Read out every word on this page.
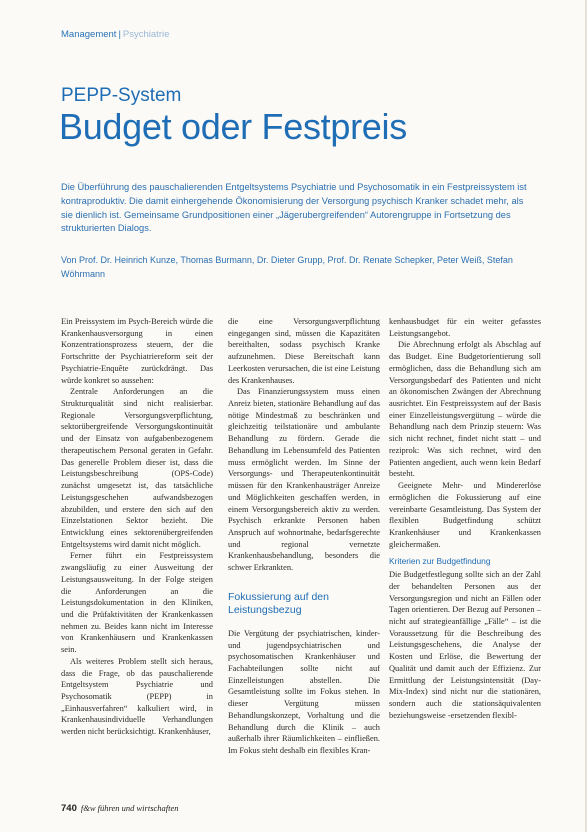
Management | Psychiatrie
PEPP-System
Budget oder Festpreis
Die Überführung des pauschalierenden Entgeltsystems Psychiatrie und Psychosomatik in ein Festpreissystem ist kontraproduktiv. Die damit einhergehende Ökonomisierung der Versorgung psychisch Kranker schadet mehr, als sie dienlich ist. Gemeinsame Grundpositionen einer „Jägerubergreifenden“ Autorengruppe in Fortsetzung des strukturierten Dialogs.
Von Prof. Dr. Heinrich Kunze, Thomas Burmann, Dr. Dieter Grupp, Prof. Dr. Renate Schepker, Peter Weiß, Stefan Wöhrmann

Ein Preissystem im Psych-Bereich würde die Krankenhausversorgung in einen Konzentrationsprozess steuern, der die Fortschritte der Psychiatriereform seit der Psychiatrie-Enquête zurückdrängt. Das würde konkret so aussehen:

Zentrale Anforderungen an die Strukturqualität sind nicht realisierbar. Regionale Versorgungsverpflichtung, sektorübergreifende Versorgungskontinuität und der Einsatz von aufgabenbezogenem therapeutischem Personal geraten in Gefahr. Das generelle Problem dieser ist, dass die Leistungsbeschreibung (OPS-Code) zunächst umgesetzt ist, das tatsächliche Leistungsgeschehen aufwandsbezogen abzubilden, und erstere den sich auf den Einzelstationen Sektor bezieht. Die Entwicklung eines sektorenübergreifenden Entgeltsystems wird damit nicht möglich.

Ferner führt ein Festpreissystem zwangsläufig zu einer Ausweitung der Leistungsausweitung. In der Folge steigen die Anforderungen an die Leistungsdokumentation in den Kliniken, und die Prüfaktivitäten der Krankenkassen nehmen zu. Beides kann nicht im Interesse von Krankenhäusern und Krankenkassen sein.

Als weiteres Problem stellt sich heraus, dass die Frage, ob das pauschalierende Entgeltsystem Psychiatrie und Psychosomatik (PEPP) in „Einhausverfahren“ kalkuliert wird, in Krankenhausindividuelle Verhandlungen werden nicht berücksichtigt. Krankenhäuser,

die eine Versorgungsverpflichtung eingegangen sind, müssen die Kapazitäten bereithalten, sodass psychisch Kranke aufzunehmen. Diese Bereitschaft kann Leerkosten verursachen, die ist eine Leistung des Krankenhauses.

Das Finanzierungssystem muss einen Anreiz bieten, stationäre Behandlung auf das nötige Mindestmaß zu beschränken und gleichzeitig teilstationäre und ambulante Behandlung zu fördern. Gerade die Behandlung im Lebensumfeld des Patienten muss ermöglicht werden. Im Sinne der Versorgungs- und Therapeutenkontinuität müssen für den Krankenhausträger Anreize und Möglichkeiten geschaffen werden, in einem Versorgungsbereich aktiv zu werden. Psychisch erkrankte Personen haben Anspruch auf wohnortnahe, bedarfsgerechte und regional vernetzte Krankenhausbehandlung, besonders die schwer Erkrankten.

Fokussierung auf den Leistungsbezug

Die Vergütung der psychiatrischen, kinder- und jugendpsychiatrischen und psychosomatischen Krankenhäuser und Fachabteilungen sollte nicht auf Einzelleistungen abstellen. Die Gesamtleistung sollte im Fokus stehen. In dieser Vergütung müssen Behandlungskonzept, Vorhaltung und die Behandlung durch die Klinik – auch außerhalb ihrer Räumlichkeiten – einfließen. Im Fokus steht deshalb ein flexibles Kran-

kenhausbudget für ein weiter gefasstes Leistungsangebot.

Die Abrechnung erfolgt als Abschlag auf das Budget. Eine Budgetorientierung soll ermöglichen, dass die Behandlung sich am Versorgungsbedarf des Patienten und nicht an ökonomischen Zwängen der Abrechnung ausrichtet. Ein Festpreissystem auf der Basis einer Einzelleistungsvergütung – würde die Behandlung nach dem Prinzip steuern: Was sich nicht rechnet, findet nicht statt – und reziprok: Was sich rechnet, wird den Patienten angedient, auch wenn kein Bedarf besteht.

Geeignete Mehr- und Mindererlöse ermöglichen die Fokussierung auf eine vereinbarte Gesamtleistung. Das System der flexiblen Budgetfindung schützt Krankenhäuser und Krankenkassen gleichermaßen.

Kriterien zur Budgetfindung

Die Budgetfestlegung sollte sich an der Zahl der behandelten Personen aus der Versorgungsregion und nicht an Fällen oder Tagen orientieren. Der Bezug auf Personen – nicht auf strategieanfällige „Fälle“ – ist die Voraussetzung für die Beschreibung des Leistungsgeschehens, die Analyse der Kosten und Erlöse, die Bewertung der Qualität und damit auch der Effizienz. Zur Ermittlung der Leistungsintensität (Day-Mix-Index) sind nicht nur die stationären, sondern auch die stationsäquivalenten beziehungsweise -ersetzenden flexibl-

740 f&w führen und wirtschaften
